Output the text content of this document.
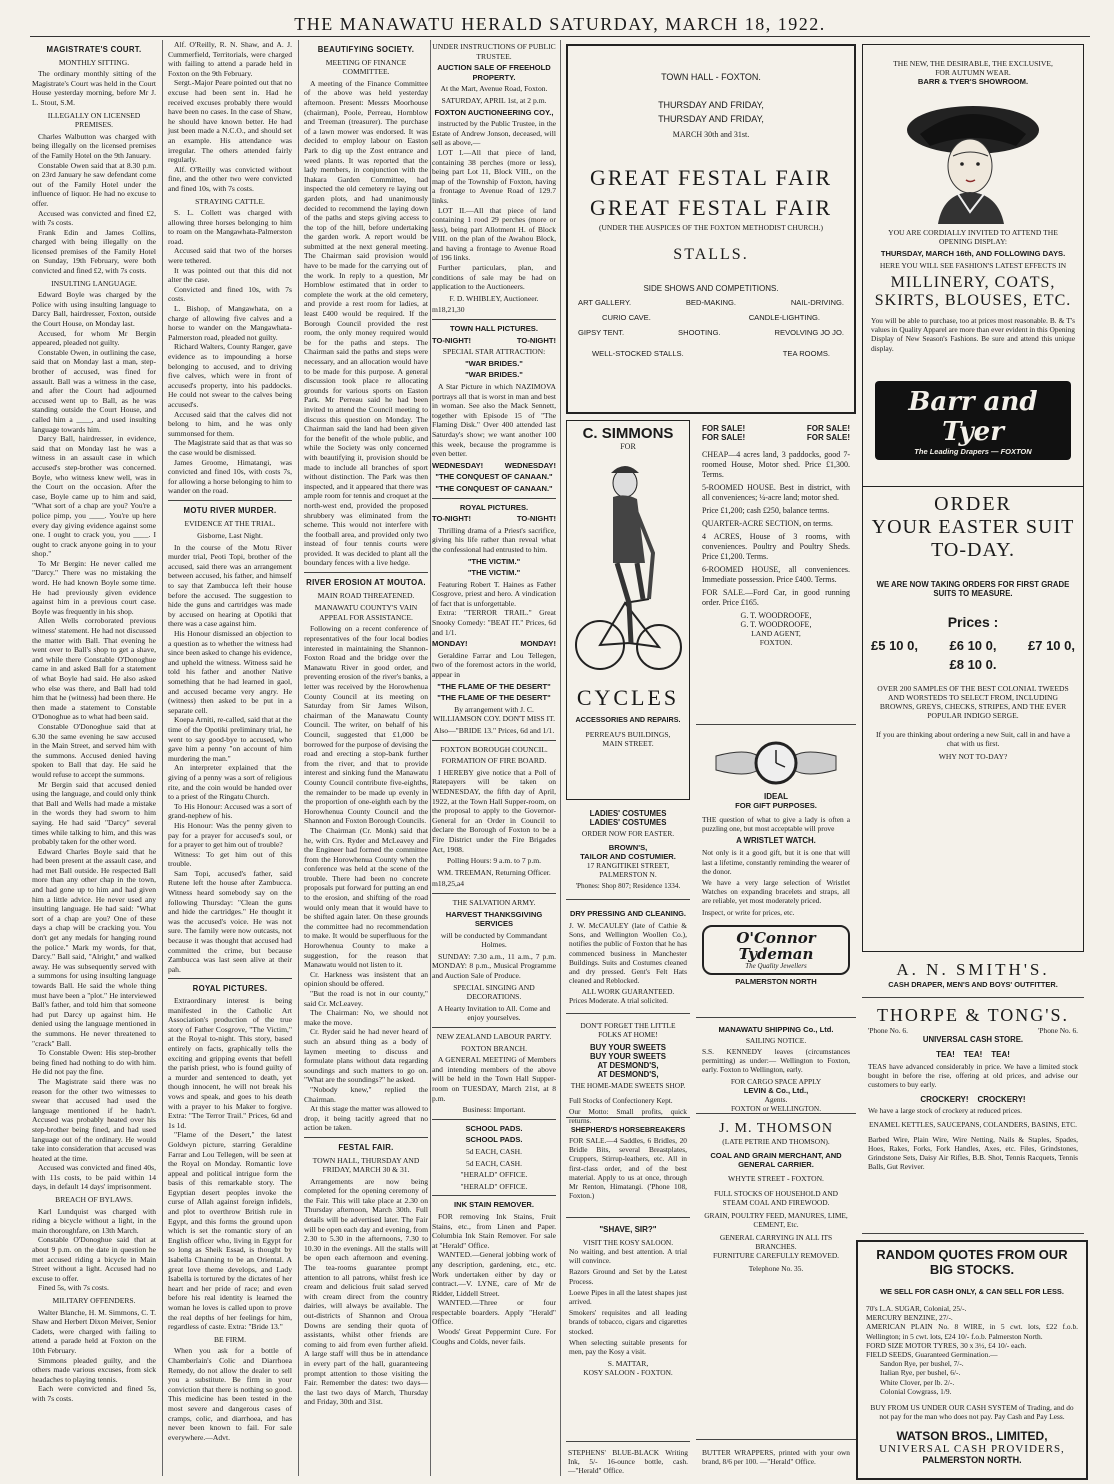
THE MANAWATU HERALD SATURDAY, MARCH 18, 1922.
MAGISTRATE'S COURT.
MONTHLY SITTING.

The ordinary monthly sitting of the Magistrate's Court was held in the Court House yesterday morning, before Mr J. L. Stout, S.M.

ILLEGALLY ON LICENSED PREMISES.

Charles Walbutton was charged with being illegally on the licensed premises of the Family Hotel on the 9th January.

Constable Owen said that at 8.30 p.m. on 23rd January he saw defendant come out of the Family Hotel under the influence of liquor. He had no excuse to offer.

Accused was convicted and fined £2, with 7s costs.

Frank Edin and James Collins, charged with being illegally on the licensed premises of the Family Hotel on Sunday, 19th February, were both convicted and fined £2, with 7s costs.

INSULTING LANGUAGE.

Edward Boyle was charged by the Police with using insulting language to Darcy Ball, hairdresser, Foxton, outside the Court House, on Monday last.

Accused, for whom Mr Bergin appeared, pleaded not guilty.

Constable Owen, in outlining the case, said that on Monday last a man, step-brother of accused, was fined for assault. Ball was a witness in the case, and after the Court had adjourned accused went up to Ball, as he was standing outside the Court House, and called him a ____, and used insulting language towards him.

Darcy Ball, hairdresser, in evidence, said that on Monday last he was a witness in an assault case in which accused's step-brother was concerned. Boyle, who witness knew well, was in the Court on the occasion. After the case, Boyle came up to him and said, "What sort of a chap are you? You're a police pimp, you ____. You're up here every day giving evidence against some one. I ought to crack you, you ____. I ought to crack anyone going in to your shop."

To Mr Bergin: He never called me "Darcy." There was no mistaking the word. He had known Boyle some time. He had previously given evidence against him in a previous court case. Boyle was frequently in his shop.

Allen Wells corroborated previous witness' statement. He had not discussed the matter with Ball. That evening he went over to Ball's shop to get a shave, and while there Constable O'Donoghue came in and asked Ball for a statement of what Boyle had said. He also asked who else was there, and Ball had told him that he (witness) had been there. He then made a statement to Constable O'Donoghue as to what had been said.

Constable O'Donoghue said that at 6.30 the same evening he saw accused in the Main Street, and served him with the summons. Accused denied having spoken to Ball that day. He said he would refuse to accept the summons.

Mr Bergin said that accused denied using the language, and could only think that Ball and Wells had made a mistake in the words they had sworn to him saying. He had said "Darcy" several times while talking to him, and this was probably taken for the other word.

Edward Charles Boyle said that he had been present at the assault case, and had met Ball outside. He respected Ball more than any other chap in the town, and had gone up to him and had given him a little advice. He never used any insulting language. He had said: "What sort of a chap are you? One of these days a chap will be cracking you. You don't get any medals for hanging round the police." Mark my words, for that, Darcy." Ball said, "Alright," and walked away. He was subsequently served with a summons for using insulting language towards Ball. He said the whole thing must have been a "plot." He interviewed Ball's father, and told him that someone had put Darcy up against him. He denied using the language mentioned in the summons. He never threatened to "crack" Ball.

To Constable Owen: His step-brother being fined had nothing to do with him. He did not pay the fine.

The Magistrate said there was no reason for the other two witnesses to swear that accused had used the language mentioned if he hadn't. Accused was probably heated over his step-brother being fined, and had used language out of the ordinary. He would take into consideration that accused was heated at the time.

Accused was convicted and fined 40s, with 11s costs, to be paid within 14 days, in default 14 days' imprisonment.

BREACH OF BYLAWS.

Karl Lundquist was charged with riding a bicycle without a light, in the main thoroughfare, on 13th March.

Constable O'Donoghue said that at about 9 p.m. on the date in question he met accused riding a bicycle in Main Street without a light. Accused had no excuse to offer.

Fined 5s, with 7s costs.

MILITARY OFFENDERS.

Walter Blanche, H. M. Simmons, C. T. Shaw and Herbert Dixon Meiver, Senior Cadets, were charged with failing to attend a parade held at Foxton on the 10th February.

Simmons pleaded guilty, and the others made various excuses, from sick headaches to playing tennis.

Each were convicted and fined 5s, with 7s costs.

Alf. O'Reilly, R. N. Shaw, and A. J. Cummerfield, Territorials, were charged with failing to attend a parade held in Foxton on the 9th February.

Sergt.-Major Peare pointed out that no excuse had been sent in. Had he received excuses probably there would have been no cases. In the case of Shaw, he should have known better. He had just been made a N.C.O., and should set an example. His attendance was irregular. The others attended fairly regularly.

Alf. O'Reilly was convicted without fine, and the other two were convicted and fined 10s, with 7s costs.

STRAYING CATTLE.

S. L. Collett was charged with allowing three horses belonging to him to roam on the Mangawhata-Palmerston road.

Accused said that two of the horses were tethered.

It was pointed out that this did not alter the case.

Convicted and fined 10s, with 7s costs.

L. Bishop, of Mangawhata, on a charge of allowing five calves and a horse to wander on the Mangawhata-Palmerston road, pleaded not guilty.

Richard Walters, County Ranger, gave evidence as to impounding a horse belonging to accused, and to driving five calves, which were in front of accused's property, into his paddocks. He could not swear to the calves being accused's.

Accused said that the calves did not belong to him, and he was only summonsed for them.

The Magistrate said that as that was so the case would be dismissed.

James Groome, Himatangi, was convicted and fined 10s, with costs 7s, for allowing a horse belonging to him to wander on the road.

MOTU RIVER MURDER.
EVIDENCE AT THE TRIAL.
Gisborne, Last Night.

In the course of the Motu River murder trial, Peoti Topi, brother of the accused, said there was an arrangement between accused, his father, and himself to say that Zambucca left their house before the accused. The suggestion to hide the guns and cartridges was made by accused on hearing at Opotiki that there was a case against him.

His Honour dismissed an objection to a question as to whether the witness had since been asked to change his evidence, and upheld the witness. Witness said he told his father and another Native something that he had learned in gaol, and accused became very angry. He (witness) then asked to be put in a separate cell.

Koepa Arniti, re-called, said that at the time of the Opotiki preliminary trial, he went to say good-bye to accused, who gave him a penny "on account of him murdering the man."

An interpreter explained that the giving of a penny was a sort of religious rite, and the coin would be handed over to a priest of the Ringatu Church.

To His Honour: Accused was a sort of grand-nephew of his.

His Honour: Was the penny given to pay for a prayer for accused's soul, or for a prayer to get him out of trouble?

Witness: To get him out of this trouble.

Sam Topi, accused's father, said Rutene left the house after Zambucca. Witness heard somebody say on the following Thursday: "Clean the guns and hide the cartridges." He thought it was the accused's voice. He was not sure. The family were now outcasts, not because it was thought that accused had committed the crime, but because Zambucca was last seen alive at their pah.

ROYAL PICTURES.

Extraordinary interest is being manifested in the Catholic Art Association's production of the true story of Father Cosgrove, "The Victim," at the Royal to-night. This story, based entirely on facts, graphically tells the exciting and gripping events that befell the parish priest, who is found guilty of a murder and sentenced to death, yet though innocent, he will not break his vows and speak, and goes to his death with a prayer to his Maker to forgive. Extra: "The Terror Trail." Prices, 6d and 1s 1d.

"Flame of the Desert," the latest Goldwyn picture, starring Geraldine Farrar and Lou Tellegen, will be seen at the Royal on Monday. Romantic love appeal and political intrigue form the basis of this remarkable story. The Egyptian desert peoples invoke the curse of Allah against foreign infidels, and plot to overthrow British rule in Egypt, and this forms the ground upon which is set the romantic story of an English officer who, living in Egypt for so long as Sheik Essad, is thought by Isabella Channing to be an Oriental. A great love theme develops, and Lady Isabella is tortured by the dictates of her heart and her pride of race; and even before his real identity is learned the woman he loves is called upon to prove the real depths of her feelings for him, regardless of caste. Extra: "Bride 13."

BE FIRM.

When you ask for a bottle of Chamberlain's Colic and Diarrhoea Remedy, do not allow the dealer to sell you a substitute. Be firm in your conviction that there is nothing so good. This medicine has been tested in the most severe and dangerous cases of cramps, colic, and diarrhoea, and has never been known to fail. For sale everywhere.—Advt.

BEAUTIFYING SOCIETY.
MEETING OF FINANCE COMMITTEE.

A meeting of the Finance Committee of the above was held yesterday afternoon. Present: Messrs Moorhouse (chairman), Poole, Perreau, Hornblow and Treeman (treasurer). The purchase of a lawn mower was endorsed. It was decided to employ labour on Easton Park to dig up the Zost entrance and weed plants. It was reported that the lady members, in conjunction with the Ihakara Garden Committee, had inspected the old cemetery re laying out garden plots, and had unanimously decided to recommend the laying down of the paths and steps giving access to the top of the hill, before undertaking the garden work. A report would be submitted at the next general meeting. The Chairman said provision would have to be made for the carrying out of the work. In reply to a question, Mr Hornblow estimated that in order to complete the work at the old cemetery, and provide a rest room for ladies, at least £400 would be required. If the Borough Council provided the rest room, the only money required would be for the paths and steps. The Chairman said the paths and steps were necessary, and an allocation would have to be made for this purpose. A general discussion took place re allocating grounds for various sports on Easton Park. Mr Perreau said he had been invited to attend the Council meeting to discuss this question on Monday. The Chairman said the land had been given for the benefit of the whole public, and while the Society was only concerned with beautifying it, provision should be made to include all branches of sport without distinction. The Park was then inspected, and it appeared that there was ample room for tennis and croquet at the north-west end, provided the proposed shrubbery was eliminated from the scheme. This would not interfere with the football area, and provided only two instead of four tennis courts were provided. It was decided to plant all the boundary fences with a live hedge.

RIVER EROSION AT MOUTOA.
MAIN ROAD THREATENED.
MANAWATU COUNTY'S VAIN APPEAL FOR ASSISTANCE.

Following on a recent conference of representatives of the four local bodies interested in maintaining the Shannon-Foxton Road and the bridge over the Manawatu River in good order, and preventing erosion of the river's banks, a letter was received by the Horowhenua County Council at its meeting on Saturday from Sir James Wilson, chairman of the Manawatu County Council. The writer, on behalf of his Council, suggested that £1,000 be borrowed for the purpose of devising the road and erecting a stop-bank further from the river, and that to provide interest and sinking fund the Manawatu County Council contribute five-eighths, the remainder to be made up evenly in the proportion of one-eighth each by the Horowhenua County Council and the Shannon and Foxton Borough Councils.

The Chairman (Cr. Monk) said that he, with Crs. Ryder and McLeavey and the Engineer had formed the committee from the Horowhenua County when the conference was held at the scene of the trouble. There had been no concrete proposals put forward for putting an end to the erosion, and shifting of the road would only mean that it would have to be shifted again later. On these grounds the committee had no recommendation to make. It would be superfluous for the Horowhenua County to make a suggestion, for the reason that Manawatu would not listen to it.

Cr. Harkness was insistent that an opinion should be offered.

"But the road is not in our county," said Cr. McLeavey.

The Chairman: No, we should not make the move.

Cr. Ryder said he had never heard of such an absurd thing as a body of laymen meeting to discuss and formulate plans without data regarding soundings and such matters to go on. "What are the soundings?" he asked.

"Nobody knew," replied the Chairman.

At this stage the matter was allowed to drop, it being tacitly agreed that no action be taken.

FESTAL FAIR.
TOWN HALL, THURSDAY AND FRIDAY, MARCH 30 & 31.

Arrangements are now being completed for the opening ceremony of the Fair. This will take place at 2.30 on Thursday afternoon, March 30th. Full details will be advertised later. The Fair will be open each day and evening, from 2.30 to 5.30 in the afternoons, 7.30 to 10.30 in the evenings. All the stalls will be open each afternoon and evening. The tea-rooms guarantee prompt attention to all patrons, whilst fresh ice cream and delicious fruit salad served with cream direct from the country dairies, will always be available. The out-districts of Shannon and Oroua Downs are sending their quota of assistants, whilst other friends are coming to aid from even further afield. A large staff will thus be in attendance in every part of the hall, guaranteeing prompt attention to those visiting the Fair. Remember the dates: two days—the last two days of March, Thursday and Friday, 30th and 31st.

UNDER INSTRUCTIONS OF PUBLIC TRUSTEE.
AUCTION SALE OF FREEHOLD PROPERTY.
At the Mart, Avenue Road, Foxton.
SATURDAY, APRIL 1st, at 2 p.m.
FOXTON AUCTIONEERING COY.,

instructed by the Public Trustee, in the Estate of Andrew Jonson, deceased, will sell as above,—

LOT I.—All that piece of land, containing 38 perches (more or less), being part Lot 11, Block VIII., on the map of the Township of Foxton, having a frontage to Avenue Road of 129.7 links.

LOT II.—All that piece of land containing 1 rood 29 perches (more or less), being part Allotment H. of Block VIII. on the plan of the Awahou Block, and having a frontage to Avenue Road of 196 links.

Further particulars, plan, and conditions of sale may be had on application to the Auctioneers.

F. D. WHIBLEY, Auctioneer.
m18,21,30
TOWN HALL PICTURES.
TO-NIGHT!	TO-NIGHT!
SPECIAL STAR ATTRACTION:
"WAR BRIDES."
"WAR BRIDES."

A Star Picture in which NAZIMOVA portrays all that is worst in man and best in woman. See also the Mack Sennett, together with Episode 15 of "The Flaming Disk." Over 400 attended last Saturday's show; we want another 100 this week, because the programme is even better.

WEDNESDAY!	WEDNESDAY!
"THE CONQUEST OF CANAAN."
"THE CONQUEST OF CANAAN."
ROYAL PICTURES.
TO-NIGHT!	TO-NIGHT!

Thrilling drama of a Priest's sacrifice, giving his life rather than reveal what the confessional had entrusted to him.

"THE VICTIM."
"THE VICTIM."

Featuring Robert T. Haines as Father Cosgrove, priest and hero. A vindication of fact that is unforgettable.

Extra: "TERROR TRAIL." Great Snooky Comedy: "BEAT IT." Prices, 6d and 1/1.

MONDAY!	MONDAY!

Geraldine Farrar and Lou Tellegen, two of the foremost actors in the world, appear in

"THE FLAME OF THE DESERT"
"THE FLAME OF THE DESERT"
By arrangement with J. C. WILLIAMSON COY. DON'T MISS IT.
Also—"BRIDE 13." Prices, 6d and 1/1.
FOXTON BOROUGH COUNCIL.
FORMATION OF FIRE BOARD.

I HEREBY give notice that a Poll of Ratepayers will be taken on WEDNESDAY, the fifth day of April, 1922, at the Town Hall Supper-room, on the proposal to apply to the Governor-General for an Order in Council to declare the Borough of Foxton to be a Fire District under the Fire Brigades Act, 1908.

Polling Hours: 9 a.m. to 7 p.m.
WM. TREEMAN, Returning Officer.
m18,25,a4
THE SALVATION ARMY.
HARVEST THANKSGIVING SERVICES
will be conducted by Commandant Holmes.

SUNDAY: 7.30 a.m., 11 a.m., 7 p.m. MONDAY: 8 p.m., Musical Programme and Auction Sale of Produce.

SPECIAL SINGING AND DECORATIONS.
A Hearty Invitation to All. Come and enjoy yourselves.
NEW ZEALAND LABOUR PARTY.
FOXTON BRANCH.

A GENERAL MEETING of Members and intending members of the above will be held in the Town Hall Supper-room on TUESDAY, March 21st, at 8 p.m.

Business: Important.
SCHOOL PADS.
SCHOOL PADS.
5d EACH, CASH.
5d EACH, CASH.
"HERALD" OFFICE.
"HERALD" OFFICE.
INK STAIN REMOVER.

FOR removing Ink Stains, Fruit Stains, etc., from Linen and Paper. Columbia Ink Stain Remover. For sale at "Herald" Office.

WANTED.—General jobbing work of any description, gardening, etc., etc. Work undertaken either by day or contract.—V. LYNE, care of Mr de Ridder, Liddell Street.

WANTED.—Three or four respectable boarders. Apply "Herald" Office.

Woods' Great Peppermint Cure. For Coughs and Colds, never fails.

TOWN HALL - FOXTON.
THURSDAY AND FRIDAY,
THURSDAY AND FRIDAY,
MARCH 30th and 31st.
GREAT FESTAL FAIR
GREAT FESTAL FAIR
(UNDER THE AUSPICES OF THE FOXTON METHODIST CHURCH.)
STALLS.
SIDE SHOWS AND COMPETITIONS.
ART GALLERY.	BED-MAKING.	NAIL-DRIVING.
CURIO CAVE.	CANDLE-LIGHTING.
GIPSY TENT.	SHOOTING.	REVOLVING JO JO.
WELL-STOCKED STALLS.	TEA ROOMS.
THE NEW, THE DESIRABLE, THE EXCLUSIVE,
FOR AUTUMN WEAR.
BARR & TYER'S SHOWROOM.
YOU ARE CORDIALLY INVITED TO ATTEND THE OPENING DISPLAY:
THURSDAY, MARCH 16th, AND FOLLOWING DAYS.
HERE YOU WILL SEE FASHION'S LATEST EFFECTS IN
MILLINERY, COATS,
SKIRTS, BLOUSES, ETC.
You will be able to purchase, too at prices most reasonable. B. & T's values in Quality Apparel are more than ever evident in this Opening Display of New Season's Fashions. Be sure and attend this unique display.
Barr and Tyer
The Leading Drapers — FOXTON
ORDER
YOUR EASTER SUIT
TO-DAY.
WE ARE NOW TAKING ORDERS FOR FIRST GRADE SUITS TO MEASURE.
Prices :
£5 10 0, £6 10 0, £7 10 0,
£8 10 0.
OVER 200 SAMPLES OF THE BEST COLONIAL TWEEDS AND WORSTEDS TO SELECT FROM, INCLUDING BROWNS, GREYS, CHECKS, STRIPES, AND THE EVER POPULAR INDIGO SERGE.
If you are thinking about ordering a new Suit, call in and have a chat with us first.
WHY NOT TO-DAY?
C. SIMMONS
FOR
CYCLES
ACCESSORIES AND REPAIRS.
PERREAU'S BUILDINGS,
MAIN STREET.
FOR SALE!	FOR SALE!
FOR SALE!	FOR SALE!
CHEAP—4 acres land, 3 paddocks, good 7-roomed House, Motor shed. Price £1,300. Terms.
5-ROOMED HOUSE. Best in district, with all conveniences; ¼-acre land; motor shed.
Price £1,200; cash £250, balance terms.
QUARTER-ACRE SECTION, on terms.
4 ACRES, House of 3 rooms, with conveniences. Poultry and Poultry Sheds. Price £1,200. Terms.
6-ROOMED HOUSE, all conveniences. Immediate possession. Price £400. Terms.
FOR SALE.—Ford Car, in good running order. Price £165.
G. T. WOODROOFE,
G. T. WOODROOFE,
LAND AGENT,
FOXTON.
LADIES' COSTUMES
LADIES' COSTUMES
ORDER NOW FOR EASTER.
BROWN'S,
TAILOR AND COSTUMIER.
17 RANGITIKEI STREET,
PALMERSTON N.
'Phones: Shop 807; Residence 1334.
DRY PRESSING AND CLEANING.
J. W. McCAULEY (late of Cathie & Sons, and Wellington Woollen Co.), notifies the public of Foxton that he has commenced business in Manchester Buildings. Suits and Costumes cleaned and dry pressed. Gent's Felt Hats cleaned and Reblocked.
ALL WORK GUARANTEED.
Prices Moderate. A trial solicited.
DON'T FORGET THE LITTLE FOLKS AT HOME!
BUY YOUR SWEETS
BUY YOUR SWEETS
AT DESMOND'S,
AT DESMOND'S,
THE HOME-MADE SWEETS SHOP.
Full Stocks of Confectionery Kept.
Our Motto: Small profits, quick returns.
SHEPHERD'S HORSEBREAKERS
FOR SALE.—4 Saddles, 6 Bridles, 20 Bridle Bits, several Breastplates, Cruppers, Stirrup-leathers, etc. All in first-class order, and of the best material. Apply to us at once, through Mr Renton, Himatangi. ('Phone 108, Foxton.)
"SHAVE, SIR?"
VISIT THE KOSY SALOON.
No waiting, and best attention. A trial will convince.
Razors Ground and Set by the Latest Process.
Loewe Pipes in all the latest shapes just arrived.
Smokers' requisites and all leading brands of tobacco, cigars and cigarettes stocked.
When selecting suitable presents for men, pay the Kosy a visit.
S. MATTAR,
KOSY SALOON - FOXTON.
STEPHENS' BLUE-BLACK Writing Ink, 5/- 16-ounce bottle, cash. —"Herald" Office.
IDEAL
FOR GIFT PURPOSES.
THE question of what to give a lady is often a puzzling one, but most acceptable will prove
A WRISTLET WATCH.
Not only is it a good gift, but it is one that will last a lifetime, constantly reminding the wearer of the donor.
We have a very large selection of Wristlet Watches on expanding bracelets and straps, all are reliable, yet most moderately priced.
Inspect, or write for prices, etc.
O'Connor
Tydeman
The Quality Jewellers
PALMERSTON NORTH
MANAWATU SHIPPING Co., Ltd.
SAILING NOTICE.
S.S. KENNEDY leaves (circumstances permitting) as under:— Wellington to Foxton, early. Foxton to Wellington, early.
FOR CARGO SPACE APPLY
LEVIN & Co., Ltd.,
Agents.
FOXTON or WELLINGTON.
J. M. THOMSON
(LATE PETRIE AND THOMSON).
COAL AND GRAIN MERCHANT, AND GENERAL CARRIER.
WHYTE STREET - FOXTON.
FULL STOCKS OF HOUSEHOLD AND STEAM COAL AND FIREWOOD.
GRAIN, POULTRY FEED, MANURES, LIME, CEMENT, Etc.
GENERAL CARRYING IN ALL ITS BRANCHES.
FURNITURE CAREFULLY REMOVED.
Telephone No. 35.
BUTTER WRAPPERS, printed with your own brand, 8/6 per 100. —"Herald" Office.
A. N. SMITH'S.
CASH DRAPER, MEN'S AND BOYS' OUTFITTER.
THORPE & TONG'S.
'Phone No. 6.	'Phone No. 6.
UNIVERSAL CASH STORE.
TEA!    TEA!    TEA!
TEAS have advanced considerably in price. We have a limited stock bought in before the rise, offering at old prices, and advise our customers to buy early.
CROCKERY!    CROCKERY!
We have a large stock of crockery at reduced prices.
ENAMEL KETTLES, SAUCEPANS, COLANDERS, BASINS, ETC.
Barbed Wire, Plain Wire, Wire Netting, Nails & Staples, Spades, Hoes, Rakes, Forks, Fork Handles, Axes, etc. Files, Grindstones, Grindstone Sets, Daisy Air Rifles, B.B. Shot, Tennis Racquets, Tennis Balls, Gut Reviver.
RANDOM QUOTES FROM OUR
BIG STOCKS.
WE SELL FOR CASH ONLY, & CAN SELL FOR LESS.
70's L.A. SUGAR, Colonial, 25/-.
MERCURY BENZINE, 27/-.
AMERICAN PLAIN No. 8 WIRE, in 5 cwt. lots, £22 f.o.b. Wellington; in 5 cwt. lots, £24 10/- f.o.b. Palmerston North.
FORD SIZE MOTOR TYRES, 30 x 3½, £4 10/- each.
FIELD SEEDS, Guaranteed Germination.—
Sandon Rye, per bushel, 7/-.
Italian Rye, per bushel, 6/-.
White Clover, per lb. 2/-.
Colonial Cowgrass, 1/9.
BUY FROM US UNDER OUR CASH SYSTEM of Trading, and do not pay for the man who does not pay. Pay Cash and Pay Less.
WATSON BROS., LIMITED,
UNIVERSAL CASH PROVIDERS,
PALMERSTON NORTH.
